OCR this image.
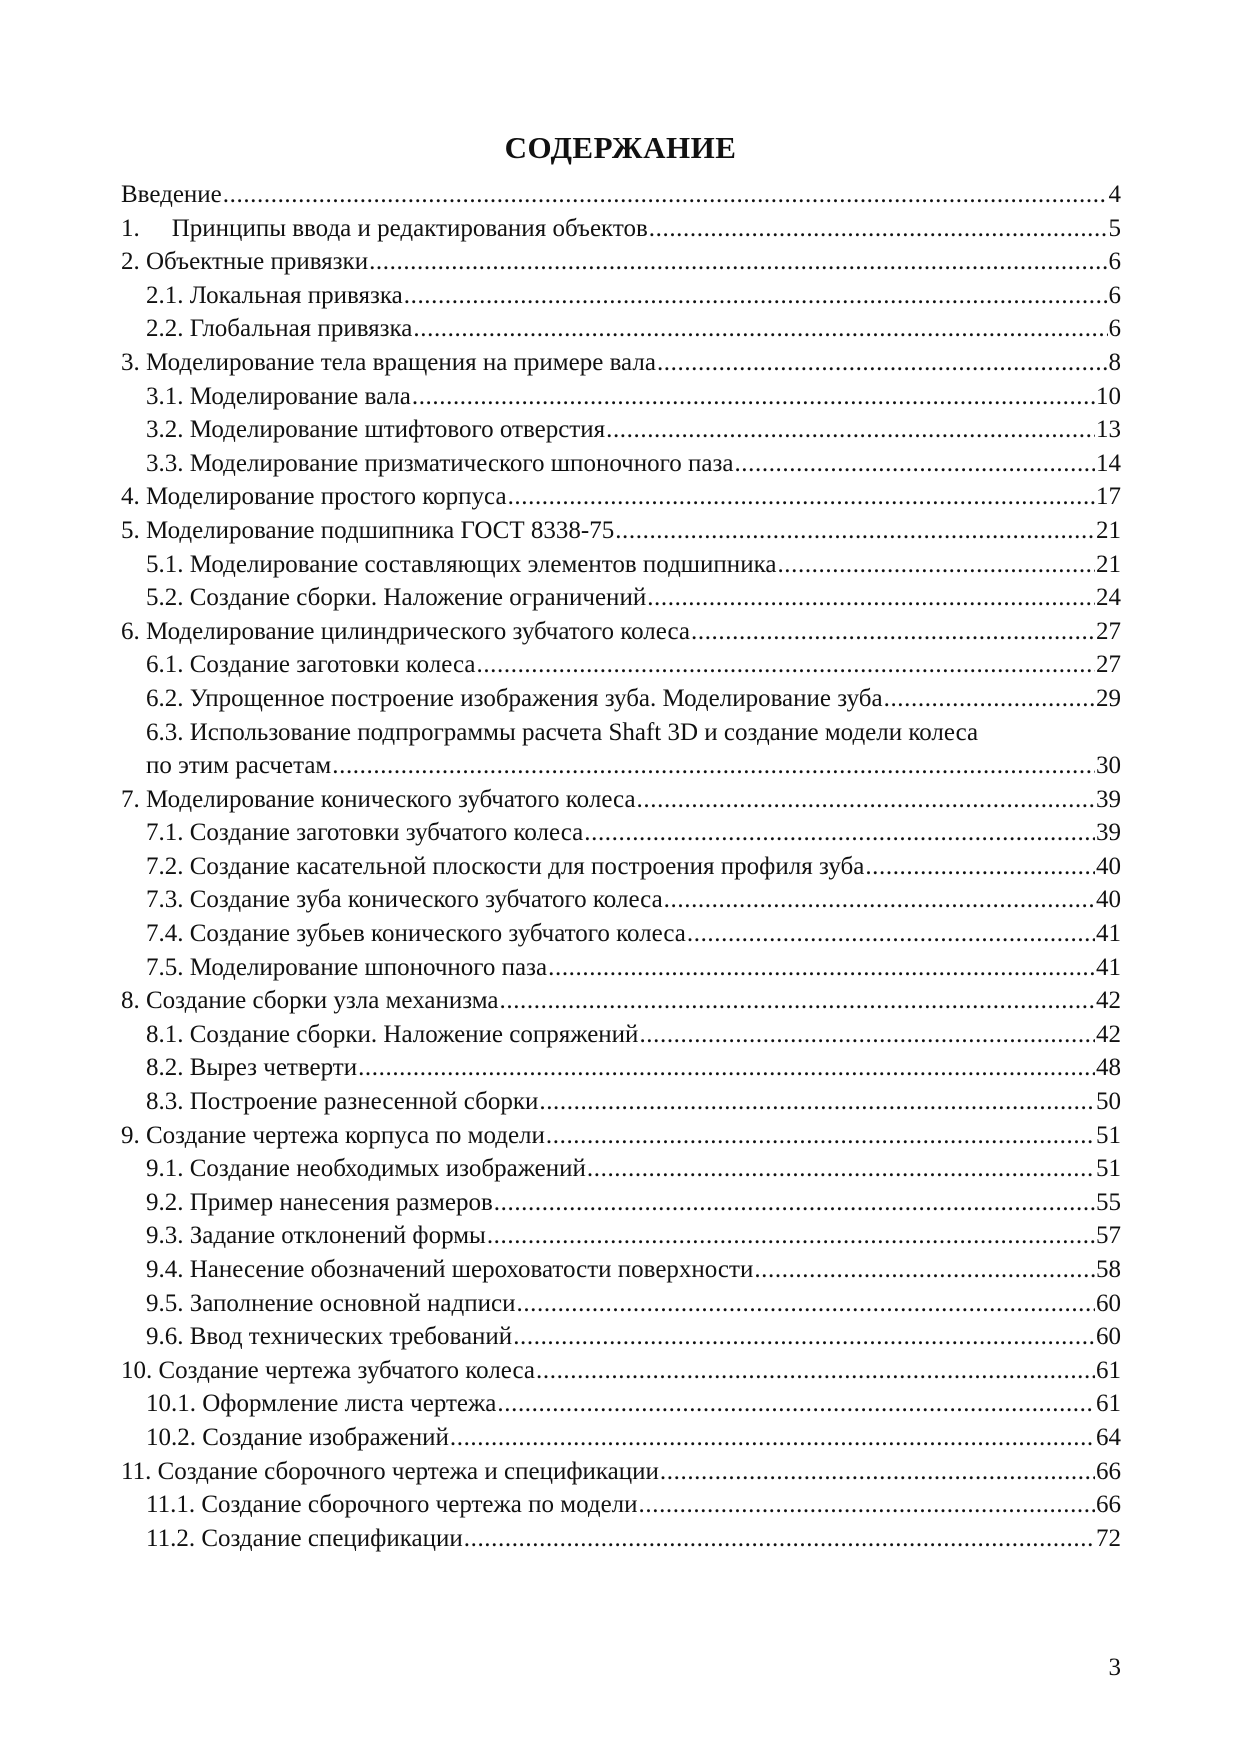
СОДЕРЖАНИЕ
Введение .....	4
1. Принципы ввода и редактирования объектов .....	5
2. Объектные привязки .....	6
2.1. Локальная привязка .....	6
2.2. Глобальная привязка .....	6
3. Моделирование тела вращения на примере вала .....	8
3.1. Моделирование вала .....	10
3.2. Моделирование штифтового отверстия .....	13
3.3. Моделирование призматического шпоночного паза .....	14
4. Моделирование простого корпуса .....	17
5. Моделирование подшипника ГОСТ 8338-75 .....	21
5.1. Моделирование составляющих элементов подшипника .....	21
5.2. Создание сборки. Наложение ограничений .....	24
6. Моделирование цилиндрического зубчатого колеса .....	27
6.1. Создание заготовки колеса .....	27
6.2. Упрощенное построение изображения зуба. Моделирование зуба .....	29
6.3. Использование подпрограммы расчета Shaft 3D и создание модели колеса
по этим расчетам .....	30
7. Моделирование конического зубчатого колеса .....	39
7.1. Создание заготовки зубчатого колеса .....	39
7.2. Создание касательной плоскости для построения профиля зуба .....	40
7.3. Создание зуба конического зубчатого колеса .....	40
7.4. Создание зубьев конического зубчатого колеса .....	41
7.5. Моделирование шпоночного паза .....	41
8. Создание сборки узла механизма .....	42
8.1. Создание сборки. Наложение сопряжений .....	42
8.2. Вырез четверти .....	48
8.3. Построение разнесенной сборки .....	50
9. Создание чертежа корпуса по модели .....	51
9.1. Создание необходимых изображений .....	51
9.2. Пример нанесения размеров .....	55
9.3. Задание отклонений формы .....	57
9.4. Нанесение обозначений шероховатости поверхности .....	58
9.5. Заполнение основной надписи .....	60
9.6. Ввод технических требований .....	60
10. Создание чертежа зубчатого колеса .....	61
10.1. Оформление листа чертежа .....	61
10.2. Создание изображений .....	64
11. Создание сборочного чертежа и спецификации .....	66
11.1. Создание сборочного чертежа по модели .....	66
11.2. Создание спецификации .....	72

3
